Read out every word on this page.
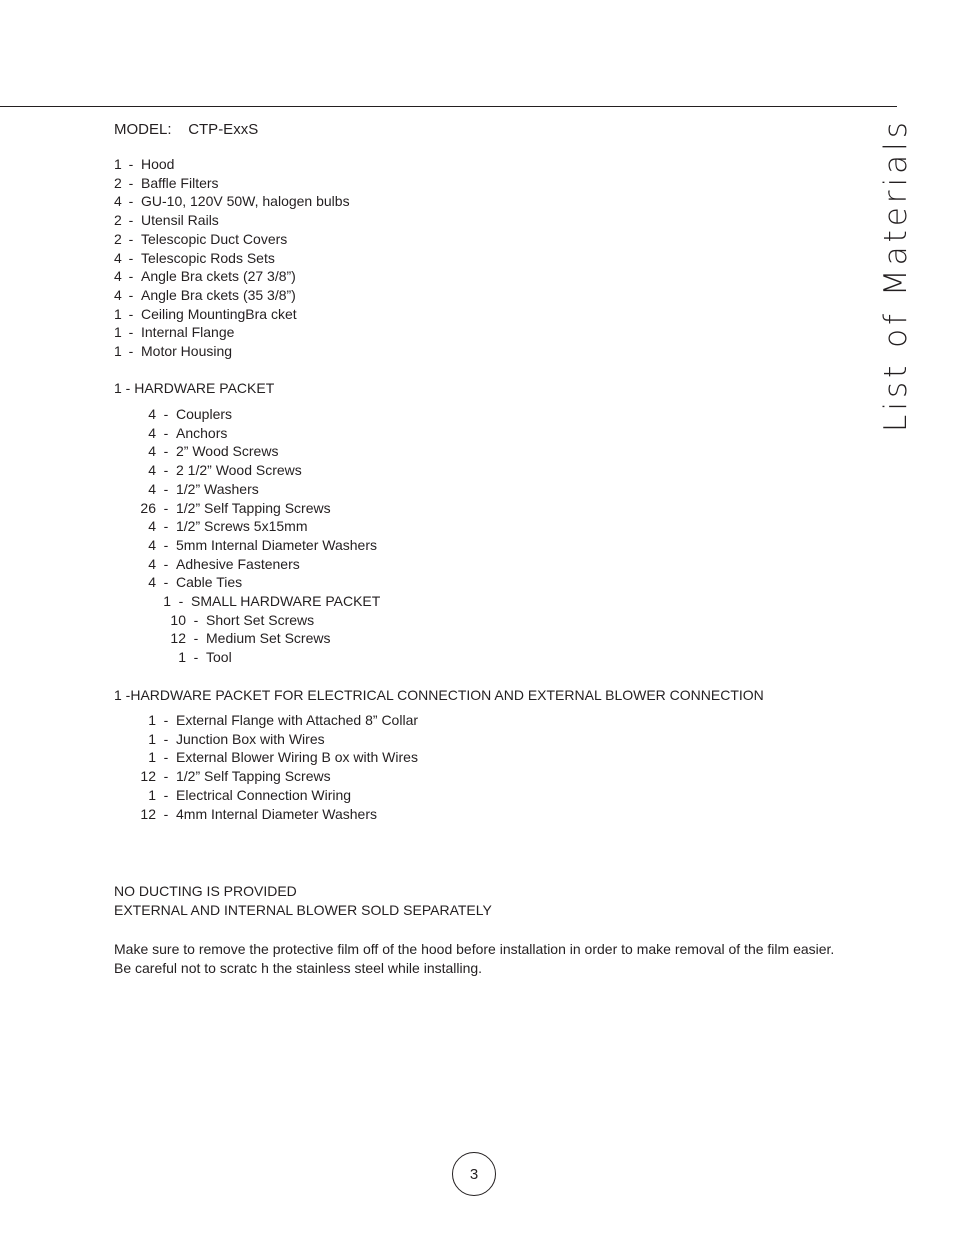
List of Materials
MODEL: CTP-ExxS
1 - Hood
2 - Baffle Filters
4 - GU-10, 120V 50W, halogen bulbs
2 - Utensil Rails
2 - Telescopic Duct Covers
4 - Telescopic Rods Sets
4 - Angle Bra ckets (27 3/8”)
4 - Angle Bra ckets (35 3/8”)
1 - Ceiling MountingBra cket
1 - Internal Flange
1 - Motor Housing
1 - HARDWARE PACKET
4 - Couplers
4 - Anchors
4 - 2” Wood Screws
4 - 2 1/2” Wood Screws
4 - 1/2” Washers
26 - 1/2” Self Tapping Screws
4 - 1/2” Screws 5x15mm
4 - 5mm Internal Diameter Washers
4 - Adhesive Fasteners
4 - Cable Ties
1 - SMALL HARDWARE PACKET
10 - Short Set Screws
12 - Medium Set Screws
1 - Tool
1 -HARDWARE PACKET FOR ELECTRICAL CONNECTION AND EXTERNAL BLOWER CONNECTION
1 - External Flange with Attached 8” Collar
1 - Junction Box with Wires
1 - External Blower Wiring B ox with Wires
12 - 1/2” Self Tapping Screws
1 - Electrical Connection Wiring
12 - 4mm Internal Diameter Washers
NO DUCTING IS PROVIDED
EXTERNAL AND INTERNAL BLOWER SOLD SEPARATELY
Make sure to remove the protective film off of the hood before installation in order to make removal of the film easier. Be careful not to scratc h the stainless steel while installing.
3
